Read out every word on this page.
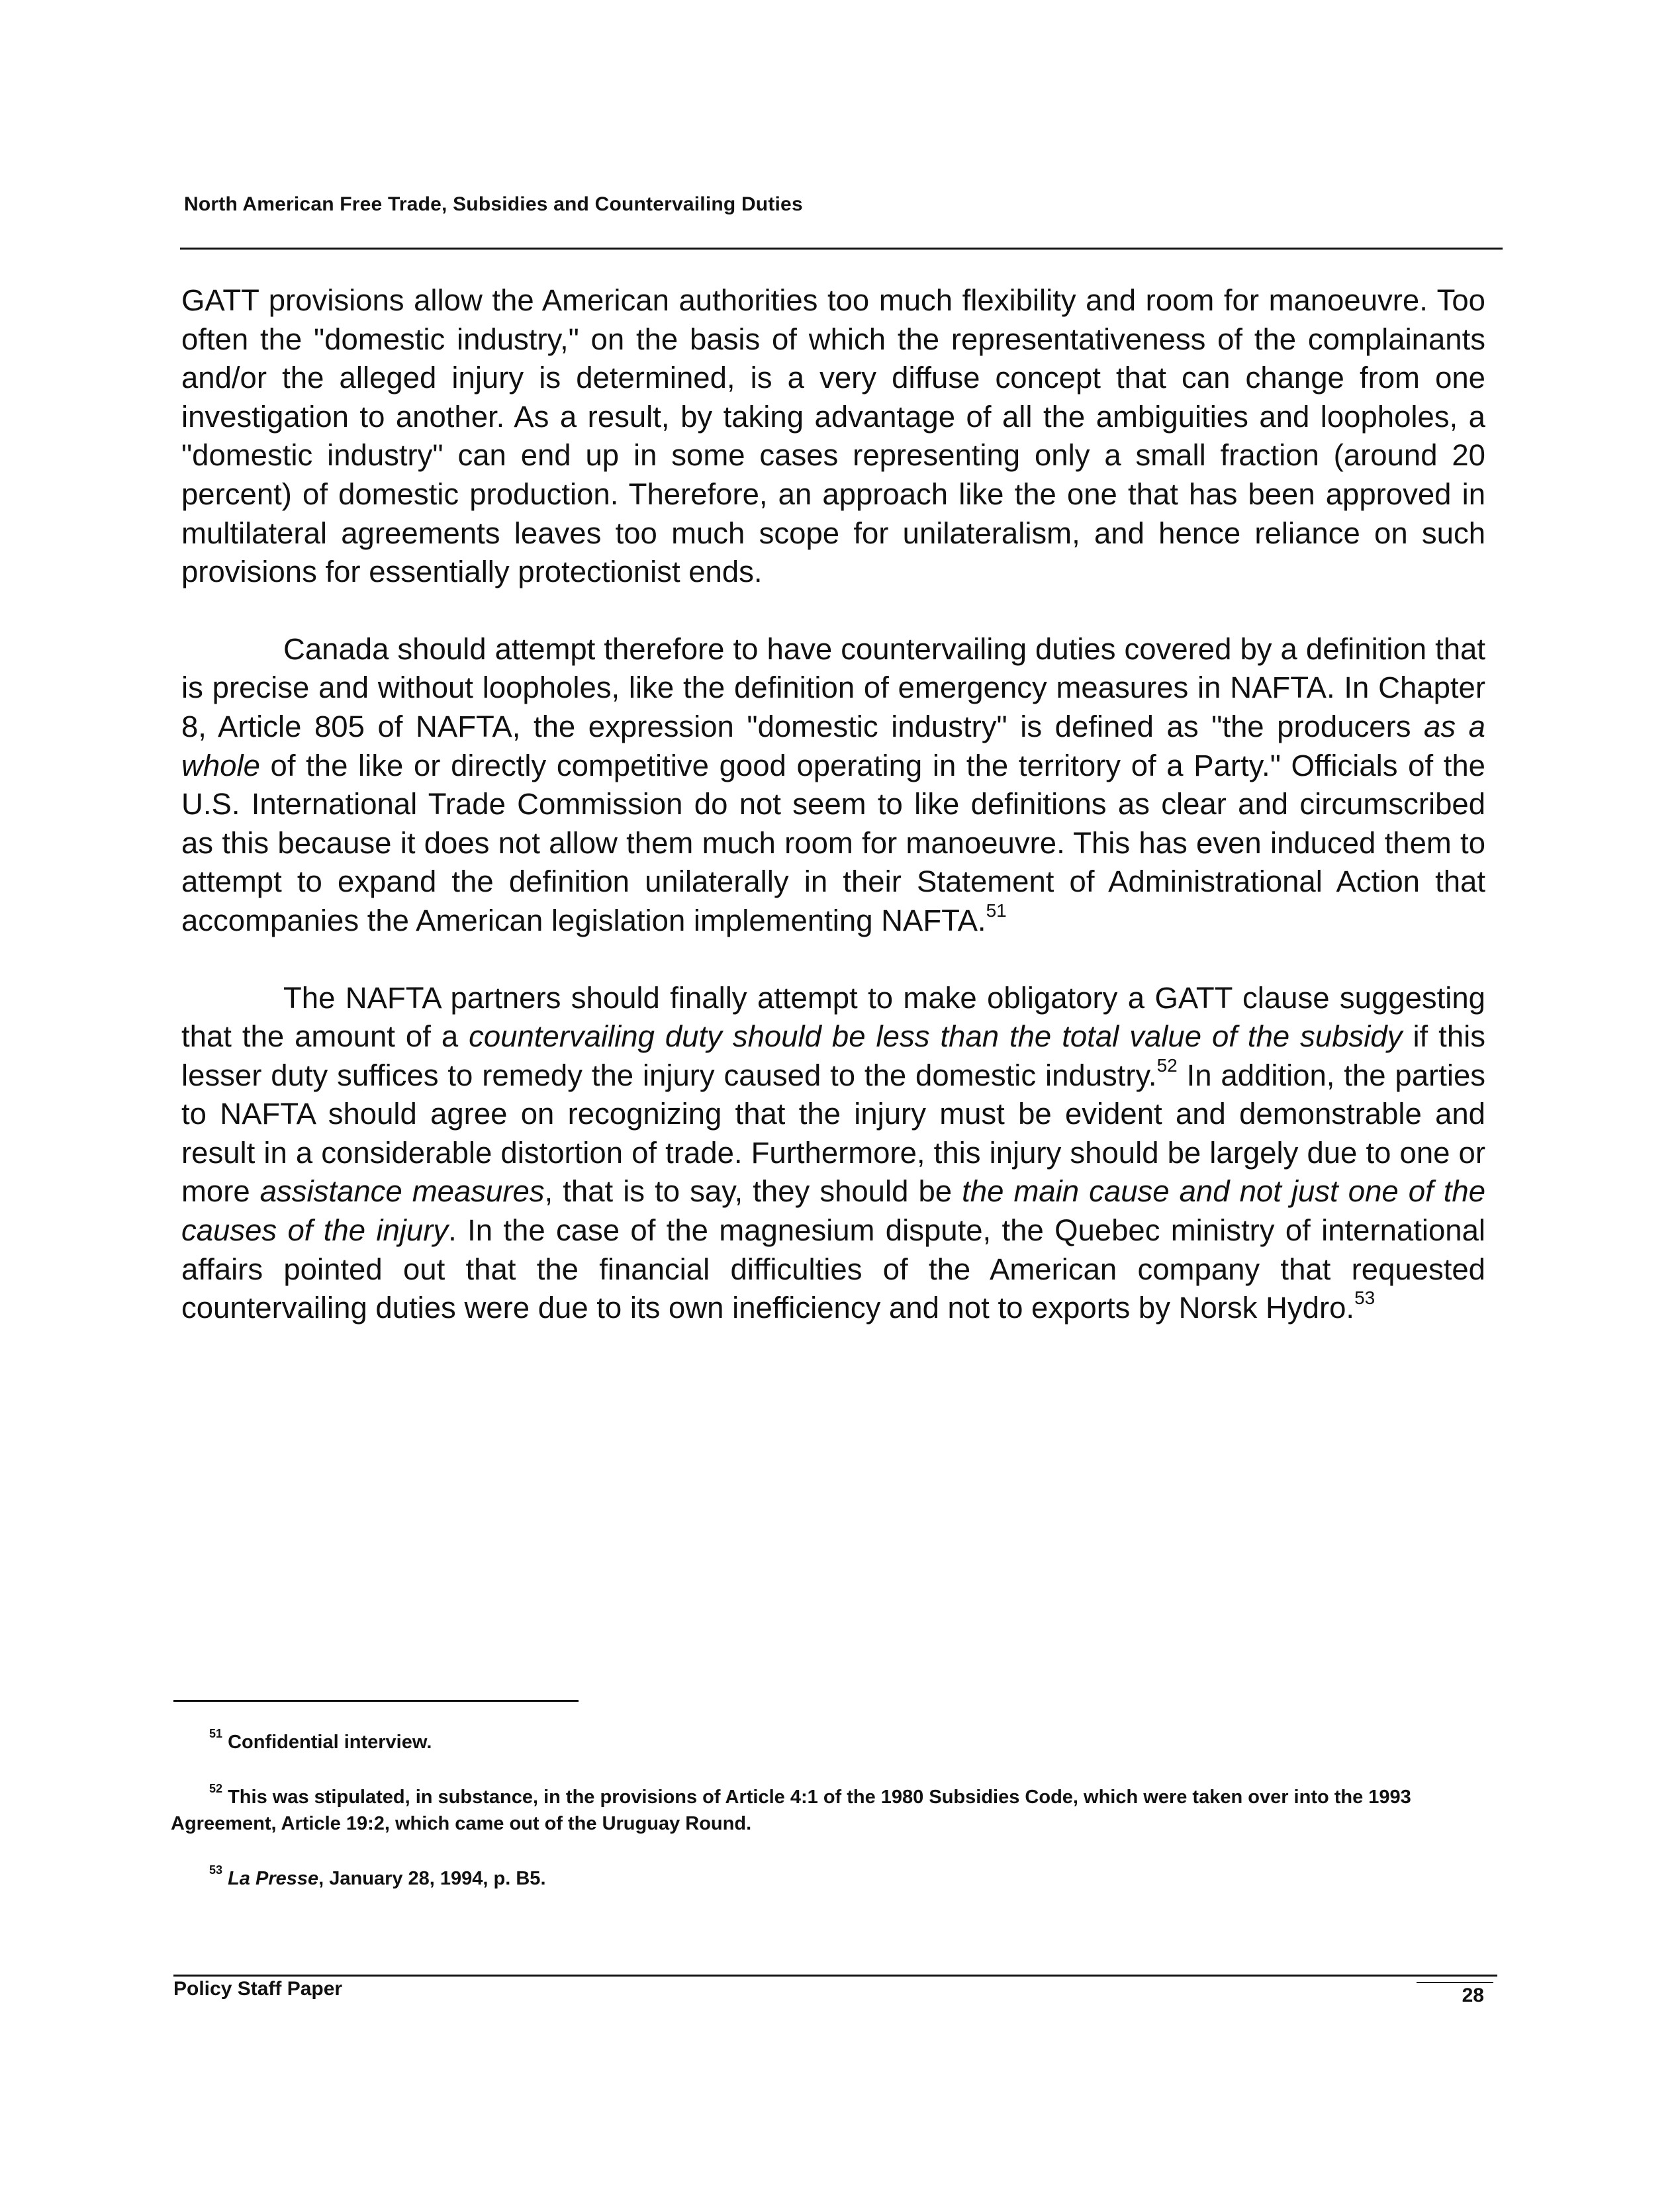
North American Free Trade, Subsidies and Countervailing Duties

GATT provisions allow the American authorities too much flexibility and room for manoeuvre. Too often the "domestic industry," on the basis of which the representativeness of the complainants and/or the alleged injury is determined, is a very diffuse concept that can change from one investigation to another. As a result, by taking advantage of all the ambiguities and loopholes, a "domestic industry" can end up in some cases representing only a small fraction (around 20 percent) of domestic production. Therefore, an approach like the one that has been approved in multilateral agreements leaves too much scope for unilateralism, and hence reliance on such provisions for essentially protectionist ends.

Canada should attempt therefore to have countervailing duties covered by a definition that is precise and without loopholes, like the definition of emergency measures in NAFTA. In Chapter 8, Article 805 of NAFTA, the expression "domestic industry" is defined as "the producers as a whole of the like or directly competitive good operating in the territory of a Party." Officials of the U.S. International Trade Commission do not seem to like definitions as clear and circumscribed as this because it does not allow them much room for manoeuvre. This has even induced them to attempt to expand the definition unilaterally in their Statement of Administrational Action that accompanies the American legislation implementing NAFTA.$^{51}$

The NAFTA partners should finally attempt to make obligatory a GATT clause suggesting that the amount of a countervailing duty should be less than the total value of the subsidy if this lesser duty suffices to remedy the injury caused to the domestic industry.$^{52}$ In addition, the parties to NAFTA should agree on recognizing that the injury must be evident and demonstrable and result in a considerable distortion of trade. Furthermore, this injury should be largely due to one or more assistance measures, that is to say, they should be the main cause and not just one of the causes of the injury. In the case of the magnesium dispute, the Quebec ministry of international affairs pointed out that the financial difficulties of the American company that requested countervailing duties were due to its own inefficiency and not to exports by Norsk Hydro.$^{53}$

$^{51}$ Confidential interview.
$^{52}$ This was stipulated, in substance, in the provisions of Article 4:1 of the 1980 Subsidies Code, which were taken over into the 1993 Agreement, Article 19:2, which came out of the Uruguay Round.
$^{53}$ La Presse, January 28, 1994, p. B5.
Policy Staff Paper	28
